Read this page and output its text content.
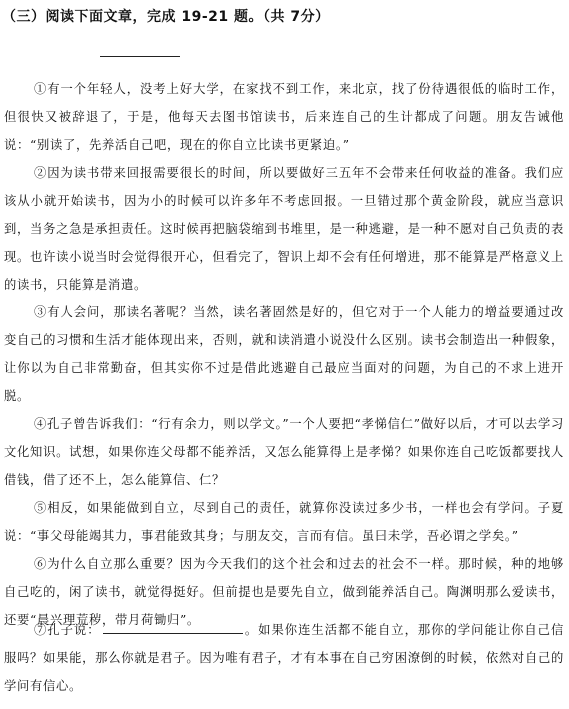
（三）阅读下面文章，完成 19-21 题。（共 7分）

①有一个年轻人，没考上好大学，在家找不到工作，来北京，找了份待遇很低的临时工作，但很快又被辞退了，于是，他每天去图书馆读书，后来连自己的生计都成了问题。朋友告诫他说：“别读了，先养活自己吧，现在的你自立比读书更紧迫。”

②因为读书带来回报需要很长的时间，所以要做好三五年不会带来任何收益的准备。我们应该从小就开始读书，因为小的时候可以许多年不考虑回报。一旦错过那个黄金阶段，就应当意识到，当务之急是承担责任。这时候再把脑袋缩到书堆里，是一种逃避，是一种不愿对自己负责的表现。也许读小说当时会觉得很开心，但看完了，智识上却不会有任何增进，那不能算是严格意义上的读书，只能算是消遣。

③有人会问，那读名著呢？当然，读名著固然是好的，但它对于一个人能力的增益要通过改变自己的习惯和生活才能体现出来，否则，就和读消遣小说没什么区别。读书会制造出一种假象，让你以为自己非常勤奋，但其实你不过是借此逃避自己最应当面对的问题，为自己的不求上进开脱。

④孔子曾告诉我们：“行有余力，则以学文。”一个人要把“孝悌信仁”做好以后，才可以去学习文化知识。试想，如果你连父母都不能养活，又怎么能算得上是孝悌？如果你连自己吃饭都要找人借钱，借了还不上，怎么能算信、仁？

⑤相反，如果能做到自立，尽到自己的责任，就算你没读过多少书，一样也会有学问。子夏说：“事父母能竭其力，事君能致其身；与朋友交，言而有信。虽曰未学，吾必谓之学矣。”

⑥为什么自立那么重要？因为今天我们的这个社会和过去的社会不一样。那时候，种的地够自己吃的，闲了读书，就觉得挺好。但前提也是要先自立，做到能养活自己。陶渊明那么爱读书，还要“晨兴理荒秽，带月荷锄归”。

⑦孔子说：	。如果你连生活都不能自立，那你的学问能让你自己信服吗？如果能，那么你就是君子。因为唯有君子，才有本事在自己穷困潦倒的时候，依然对自己的学问有信心。
